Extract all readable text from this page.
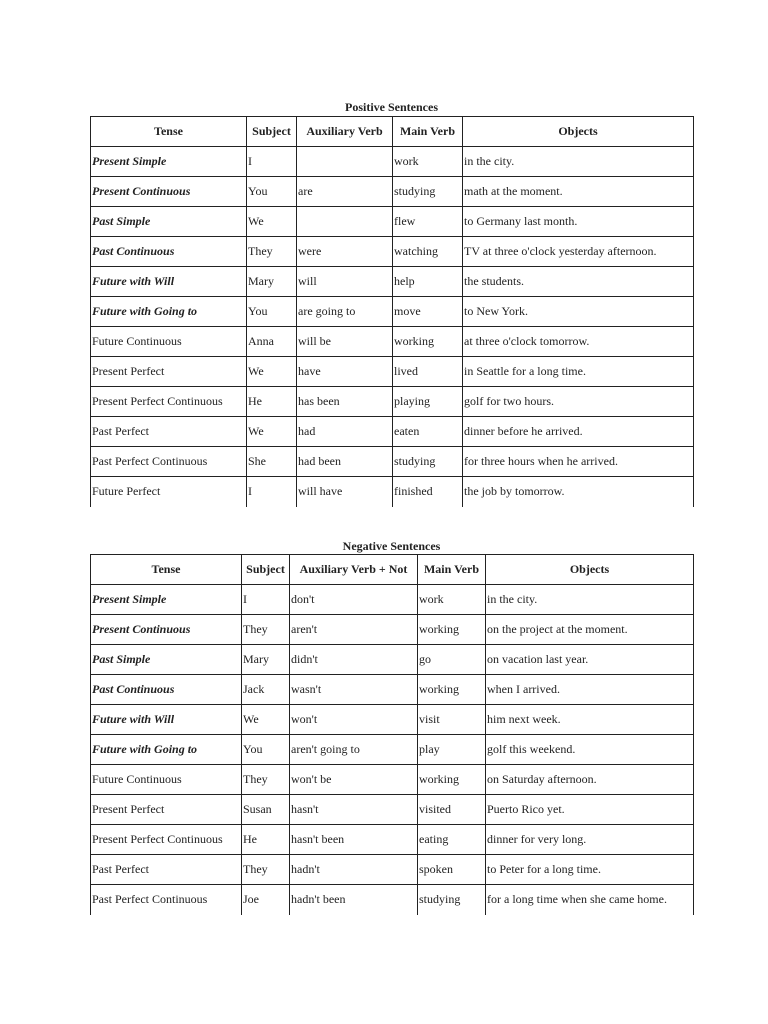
Positive Sentences
Tense	Subject	Auxiliary Verb	Main Verb	Objects
Present Simple	I		work	in the city.
Present Continuous	You	are	studying	math at the moment.
Past Simple	We		flew	to Germany last month.
Past Continuous	They	were	watching	TV at three o'clock yesterday afternoon.
Future with Will	Mary	will	help	the students.
Future with Going to	You	are going to	move	to New York.
Future Continuous	Anna	will be	working	at three o'clock tomorrow.
Present Perfect	We	have	lived	in Seattle for a long time.
Present Perfect Continuous	He	has been	playing	golf for two hours.
Past Perfect	We	had	eaten	dinner before he arrived.
Past Perfect Continuous	She	had been	studying	for three hours when he arrived.
Future Perfect	I	will have	finished	the job by tomorrow.
Negative Sentences
Tense	Subject	Auxiliary Verb + Not	Main Verb	Objects
Present Simple	I	don't	work	in the city.
Present Continuous	They	aren't	working	on the project at the moment.
Past Simple	Mary	didn't	go	on vacation last year.
Past Continuous	Jack	wasn't	working	when I arrived.
Future with Will	We	won't	visit	him next week.
Future with Going to	You	aren't going to	play	golf this weekend.
Future Continuous	They	won't be	working	on Saturday afternoon.
Present Perfect	Susan	hasn't	visited	Puerto Rico yet.
Present Perfect Continuous	He	hasn't been	eating	dinner for very long.
Past Perfect	They	hadn't	spoken	to Peter for a long time.
Past Perfect Continuous	Joe	hadn't been	studying	for a long time when she came home.
